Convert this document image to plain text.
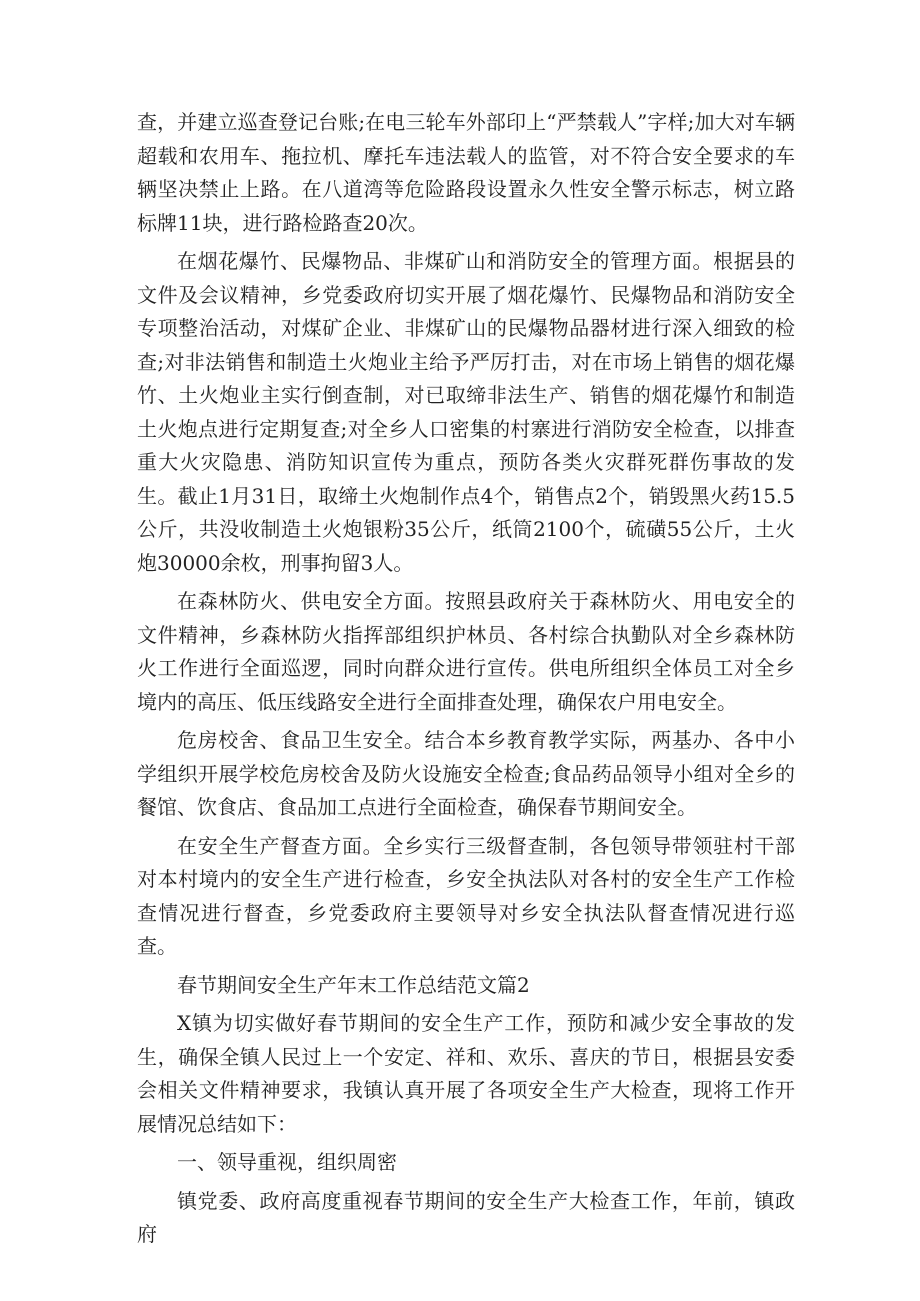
查，并建立巡查登记台账;在电三轮车外部印上“严禁载人”字样;加大对车辆超载和农用车、拖拉机、摩托车违法载人的监管，对不符合安全要求的车辆坚决禁止上路。在八道湾等危险路段设置永久性安全警示标志，树立路标牌11块，进行路检路查20次。

在烟花爆竹、民爆物品、非煤矿山和消防安全的管理方面。根据县的文件及会议精神，乡党委政府切实开展了烟花爆竹、民爆物品和消防安全专项整治活动，对煤矿企业、非煤矿山的民爆物品器材进行深入细致的检查;对非法销售和制造土火炮业主给予严厉打击，对在市场上销售的烟花爆竹、土火炮业主实行倒查制，对已取缔非法生产、销售的烟花爆竹和制造土火炮点进行定期复查;对全乡人口密集的村寨进行消防安全检查，以排查重大火灾隐患、消防知识宣传为重点，预防各类火灾群死群伤事故的发生。截止1月31日，取缔土火炮制作点4个，销售点2个，销毁黑火药15.5公斤，共没收制造土火炮银粉35公斤，纸筒2100个，硫磺55公斤，土火炮30000余枚，刑事拘留3人。

在森林防火、供电安全方面。按照县政府关于森林防火、用电安全的文件精神，乡森林防火指挥部组织护林员、各村综合执勤队对全乡森林防火工作进行全面巡逻，同时向群众进行宣传。供电所组织全体员工对全乡境内的高压、低压线路安全进行全面排查处理，确保农户用电安全。

危房校舍、食品卫生安全。结合本乡教育教学实际，两基办、各中小学组织开展学校危房校舍及防火设施安全检查;食品药品领导小组对全乡的餐馆、饮食店、食品加工点进行全面检查，确保春节期间安全。

在安全生产督查方面。全乡实行三级督查制，各包领导带领驻村干部对本村境内的安全生产进行检查，乡安全执法队对各村的安全生产工作检查情况进行督查，乡党委政府主要领导对乡安全执法队督查情况进行巡查。

春节期间安全生产年末工作总结范文篇2

X镇为切实做好春节期间的安全生产工作，预防和减少安全事故的发生，确保全镇人民过上一个安定、祥和、欢乐、喜庆的节日，根据县安委会相关文件精神要求，我镇认真开展了各项安全生产大检查，现将工作开展情况总结如下：

一、领导重视，组织周密

镇党委、政府高度重视春节期间的安全生产大检查工作，年前，镇政府
